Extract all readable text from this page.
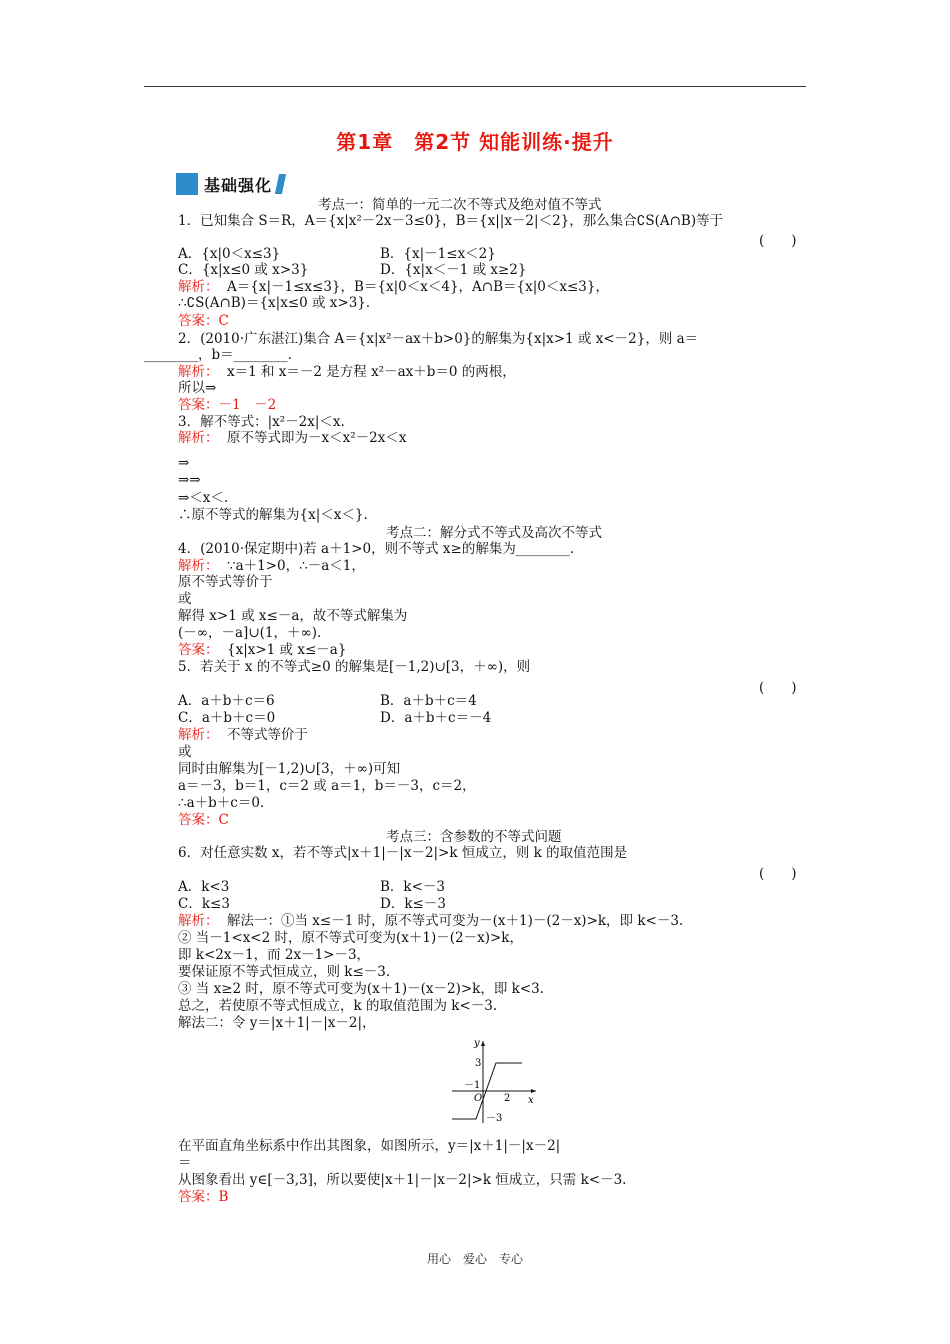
第1章　第2节 知能训练·提升
基础强化
考点一：简单的一元二次不等式及绝对值不等式
1．已知集合 S＝R，A＝{x|x²－2x－3≤0}，B＝{x||x－2|＜2}，那么集合∁S(A∩B)等于
A．{x|0＜x≤3}	B．{x|－1≤x＜2}
C．{x|x≤0 或 x>3}	D．{x|x＜－1 或 x≥2}
解析： A＝{x|－1≤x≤3}，B＝{x|0＜x＜4}，A∩B＝{x|0＜x≤3}，
∴∁S(A∩B)＝{x|x≤0 或 x>3}．
答案：C
2．(2010·广东湛江)集合 A＝{x|x²－ax＋b>0}的解集为{x|x>1 或 x<－2}，则 a＝
________，b＝________.
解析： x＝1 和 x＝－2 是方程 x²－ax＋b＝0 的两根，
所以⇒
答案：－1　－2
3．解不等式：|x²－2x|＜x.
解析： 原不等式即为－x＜x²－2x＜x
⇒
⇒⇒
⇒＜x＜.
∴原不等式的解集为{x|＜x＜}.
考点二：解分式不等式及高次不等式
4．(2010·保定期中)若 a＋1>0，则不等式 x≥的解集为________.
解析： ∵a＋1>0，∴－a＜1，
原不等式等价于
或
解得 x>1 或 x≤－a，故不等式解集为
(－∞，－a]∪(1，＋∞).
答案： {x|x>1 或 x≤－a}
5．若关于 x 的不等式≥0 的解集是[－1,2)∪[3，＋∞)，则
A．a＋b＋c＝6	B．a＋b＋c＝4
C．a＋b＋c＝0	D．a＋b＋c＝－4
解析： 不等式等价于
或
同时由解集为[－1,2)∪[3，＋∞)可知
a＝－3，b＝1，c＝2 或 a＝1，b＝－3，c＝2，
∴a＋b＋c＝0.
答案：C
考点三：含参数的不等式问题
6．对任意实数 x，若不等式|x＋1|－|x－2|>k 恒成立，则 k 的取值范围是
A．k<3	B．k<－3
C．k≤3	D．k≤－3
解析： 解法一：①当 x≤－1 时，原不等式可变为－(x＋1)－(2－x)>k，即 k<－3.
② 当－1<x<2 时，原不等式可变为(x＋1)－(2－x)>k，
即 k<2x－1，而 2x－1>－3，
要保证原不等式恒成立，则 k≤－3.
③ 当 x≥2 时，原不等式可变为(x＋1)－(x－2)>k，即 k<3.
总之，若使原不等式恒成立，k 的取值范围为 k<－3.
解法二：令 y＝|x＋1|－|x－2|，
在平面直角坐标系中作出其图象，如图所示，y＝|x＋1|－|x－2|
＝
从图象看出 y∈[－3,3]，所以要使|x＋1|－|x－2|>k 恒成立，只需 k<－3.
答案：B
(　　)
(　　)
(　　)
y
x
3
－1
O 2
－3
用心　爱心　专心
